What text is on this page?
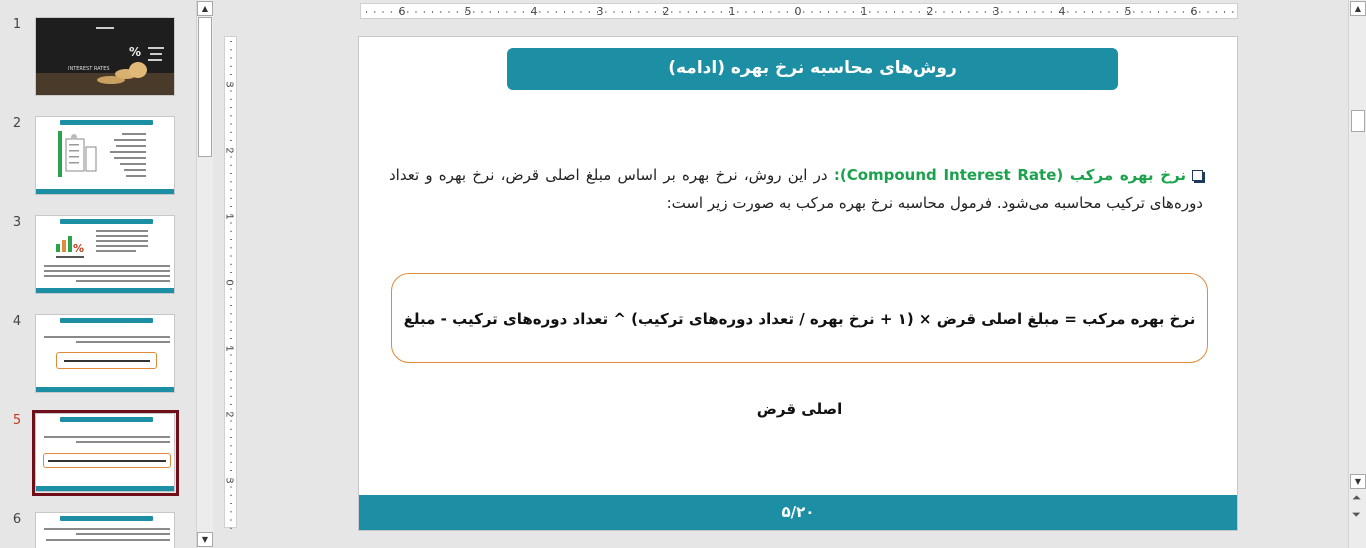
1
INTEREST RATES
%
2
3
%
4
5
6
▲
▼
6	5	4	3	2	1	0	1	2	3	4	5	6
3
2
1
0
1
2
3
روش‌های محاسبه نرخ بهره (ادامه)
نرخ بهره مرکب (Compound Interest Rate): در این روش، نرخ بهره بر اساس مبلغ اصلی قرض، نرخ بهره و تعداد دوره‌های ترکیب محاسبه می‌شود. فرمول محاسبه نرخ بهره مرکب به صورت زیر است:
نرخ بهره مرکب = مبلغ اصلی قرض × (۱ + نرخ بهره / تعداد دوره‌های ترکیب) ^ تعداد دوره‌های ترکیب - مبلغ اصلی قرض
۵/۲۰
▲
▼
⏶
⏷
